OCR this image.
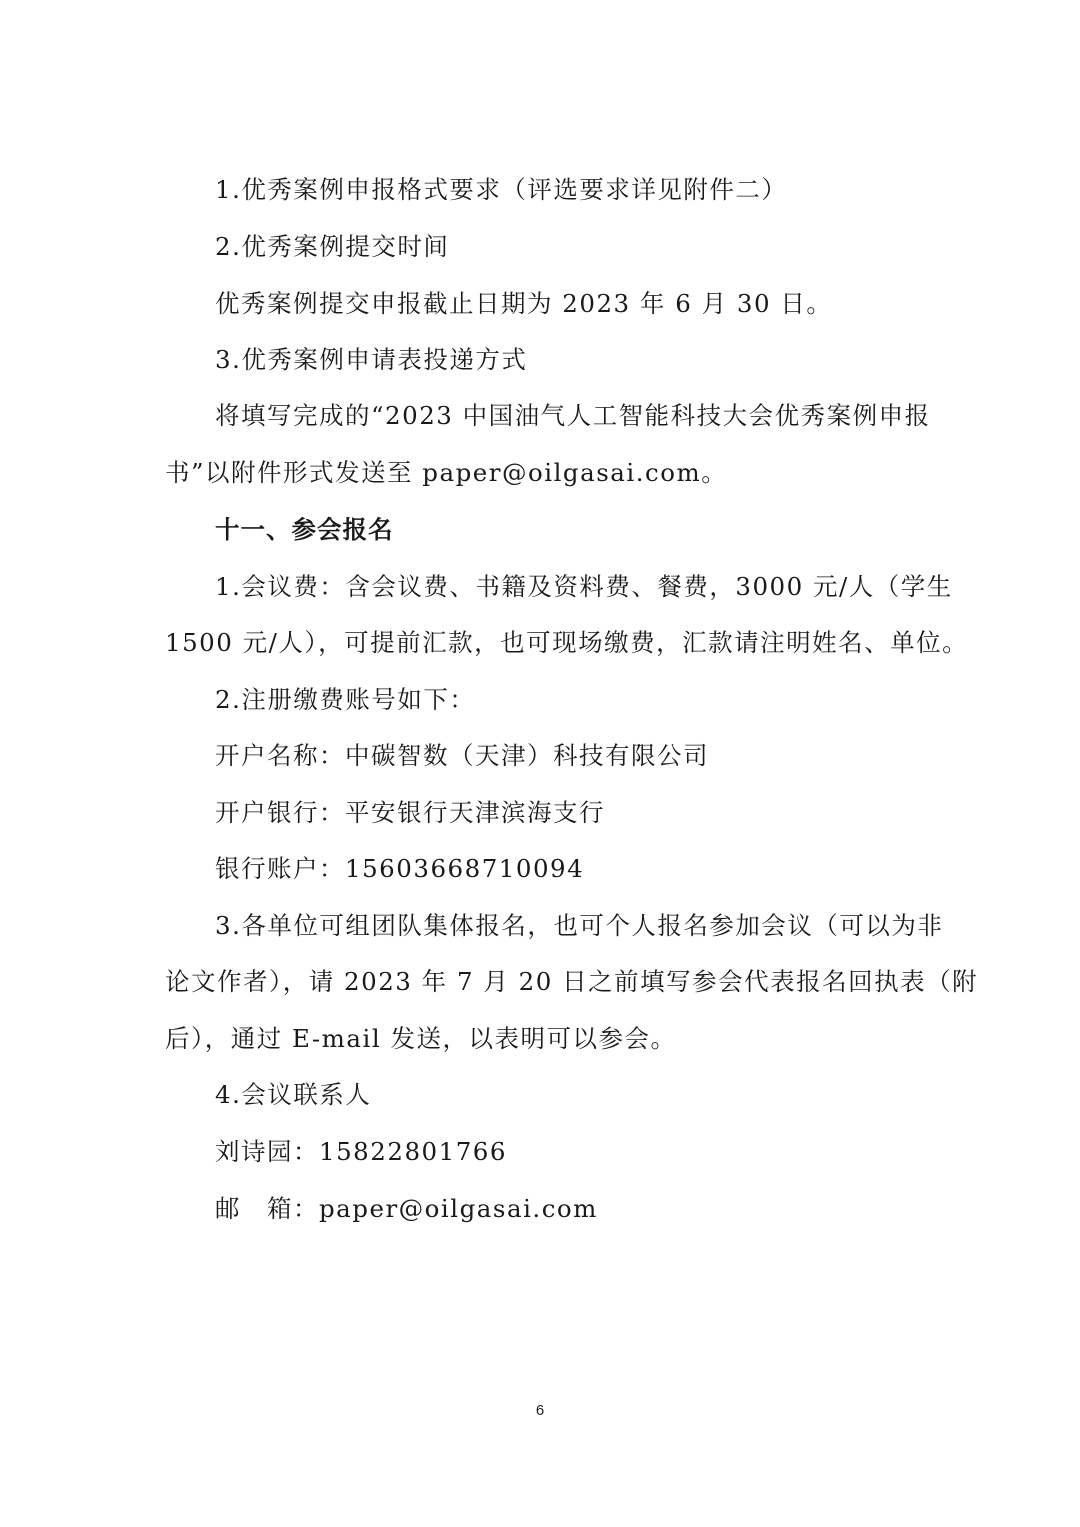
1.优秀案例申报格式要求（评选要求详见附件二）
2.优秀案例提交时间
优秀案例提交申报截止日期为 2023 年 6 月 30 日。
3.优秀案例申请表投递方式
将填写完成的“2023 中国油气人工智能科技大会优秀案例申报
书”以附件形式发送至 paper@oilgasai.com。
十一、参会报名
1.会议费：含会议费、书籍及资料费、餐费，3000 元/人（学生
1500 元/人），可提前汇款，也可现场缴费，汇款请注明姓名、单位。
2.注册缴费账号如下：
开户名称：中碳智数（天津）科技有限公司
开户银行：平安银行天津滨海支行
银行账户：15603668710094
3.各单位可组团队集体报名，也可个人报名参加会议（可以为非
论文作者），请 2023 年 7 月 20 日之前填写参会代表报名回执表（附
后），通过 E-mail 发送，以表明可以参会。
4.会议联系人
刘诗园：15822801766
邮　箱：paper@oilgasai.com
6
